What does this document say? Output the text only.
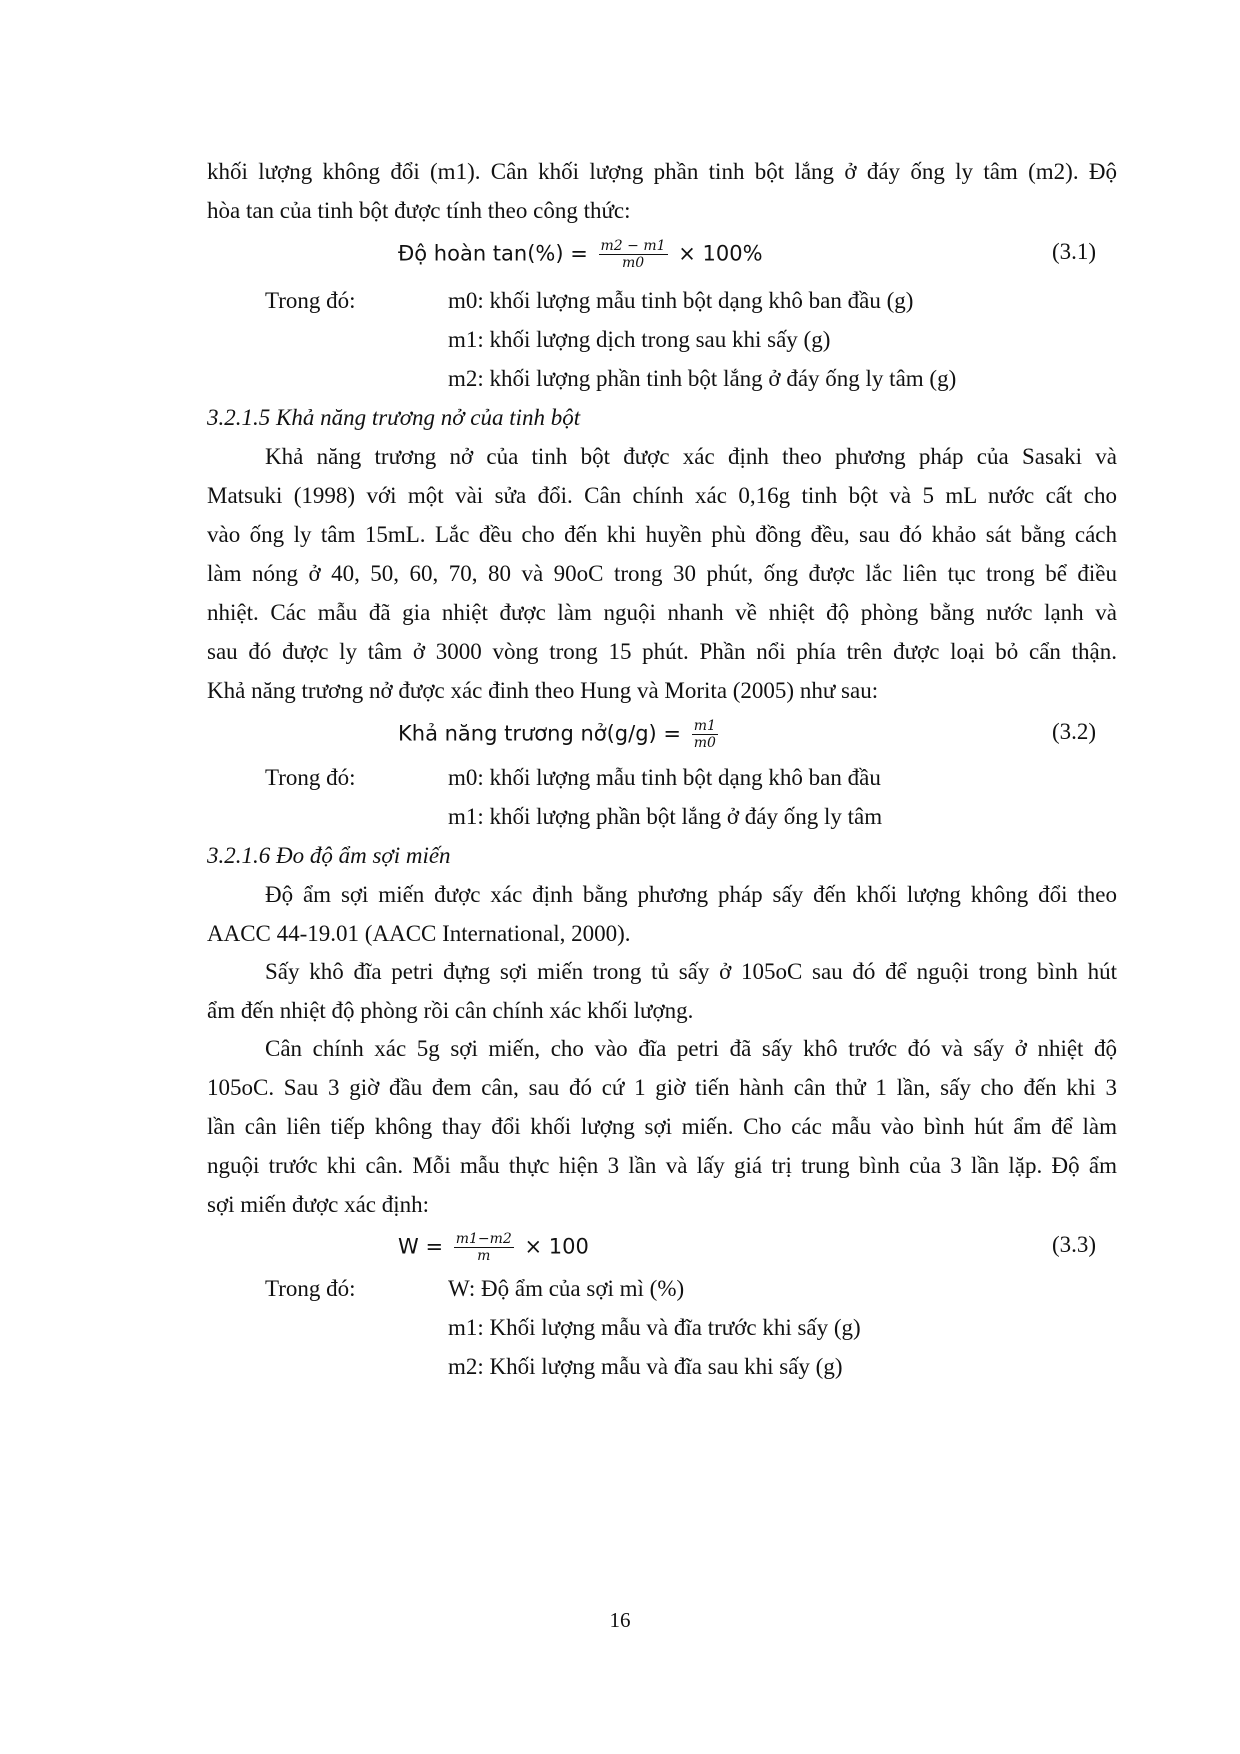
khối lượng không đổi (m1). Cân khối lượng phần tinh bột lắng ở đáy ống ly tâm (m2). Độ
hòa tan của tinh bột được tính theo công thức:
Độ hoàn $\tan(\%) = \frac{m2 - m1}{m0} \times 100\%$	(3.1)
Trong đó:	m0: khối lượng mẫu tinh bột dạng khô ban đầu (g)
m1: khối lượng dịch trong sau khi sấy (g)
m2: khối lượng phần tinh bột lắng ở đáy ống ly tâm (g)
3.2.1.5 Khả năng trương nở của tinh bột
Khả năng trương nở của tinh bột được xác định theo phương pháp của Sasaki và
Matsuki (1998) với một vài sửa đổi. Cân chính xác 0,16g tinh bột và 5 mL nước cất cho
vào ống ly tâm 15mL. Lắc đều cho đến khi huyền phù đồng đều, sau đó khảo sát bằng cách
làm nóng ở 40, 50, 60, 70, 80 và 90oC trong 30 phút, ống được lắc liên tục trong bể điều
nhiệt. Các mẫu đã gia nhiệt được làm nguội nhanh về nhiệt độ phòng bằng nước lạnh và
sau đó được ly tâm ở 3000 vòng trong 15 phút. Phần nổi phía trên được loại bỏ cẩn thận.
Khả năng trương nở được xác đinh theo Hung và Morita (2005) như sau:
Khả năng trương nở(g/g) = $\frac{m1}{m0}$	(3.2)
Trong đó:	m0: khối lượng mẫu tinh bột dạng khô ban đầu
m1: khối lượng phần bột lắng ở đáy ống ly tâm
3.2.1.6 Đo độ ẩm sợi miến
Độ ẩm sợi miến được xác định bằng phương pháp sấy đến khối lượng không đổi theo
AACC 44-19.01 (AACC International, 2000).
Sấy khô đĩa petri đựng sợi miến trong tủ sấy ở 105oC sau đó để nguội trong bình hút
ẩm đến nhiệt độ phòng rồi cân chính xác khối lượng.
Cân chính xác 5g sợi miến, cho vào đĩa petri đã sấy khô trước đó và sấy ở nhiệt độ
105oC. Sau 3 giờ đầu đem cân, sau đó cứ 1 giờ tiến hành cân thử 1 lần, sấy cho đến khi 3
lần cân liên tiếp không thay đổi khối lượng sợi miến. Cho các mẫu vào bình hút ẩm để làm
nguội trước khi cân. Mỗi mẫu thực hiện 3 lần và lấy giá trị trung bình của 3 lần lặp. Độ ẩm
sợi miến được xác định:
$W = \frac{m1-m2}{m} \times 100$	(3.3)
Trong đó:	W: Độ ẩm của sợi mì (%)
m1: Khối lượng mẫu và đĩa trước khi sấy (g)
m2: Khối lượng mẫu và đĩa sau khi sấy (g)
16
